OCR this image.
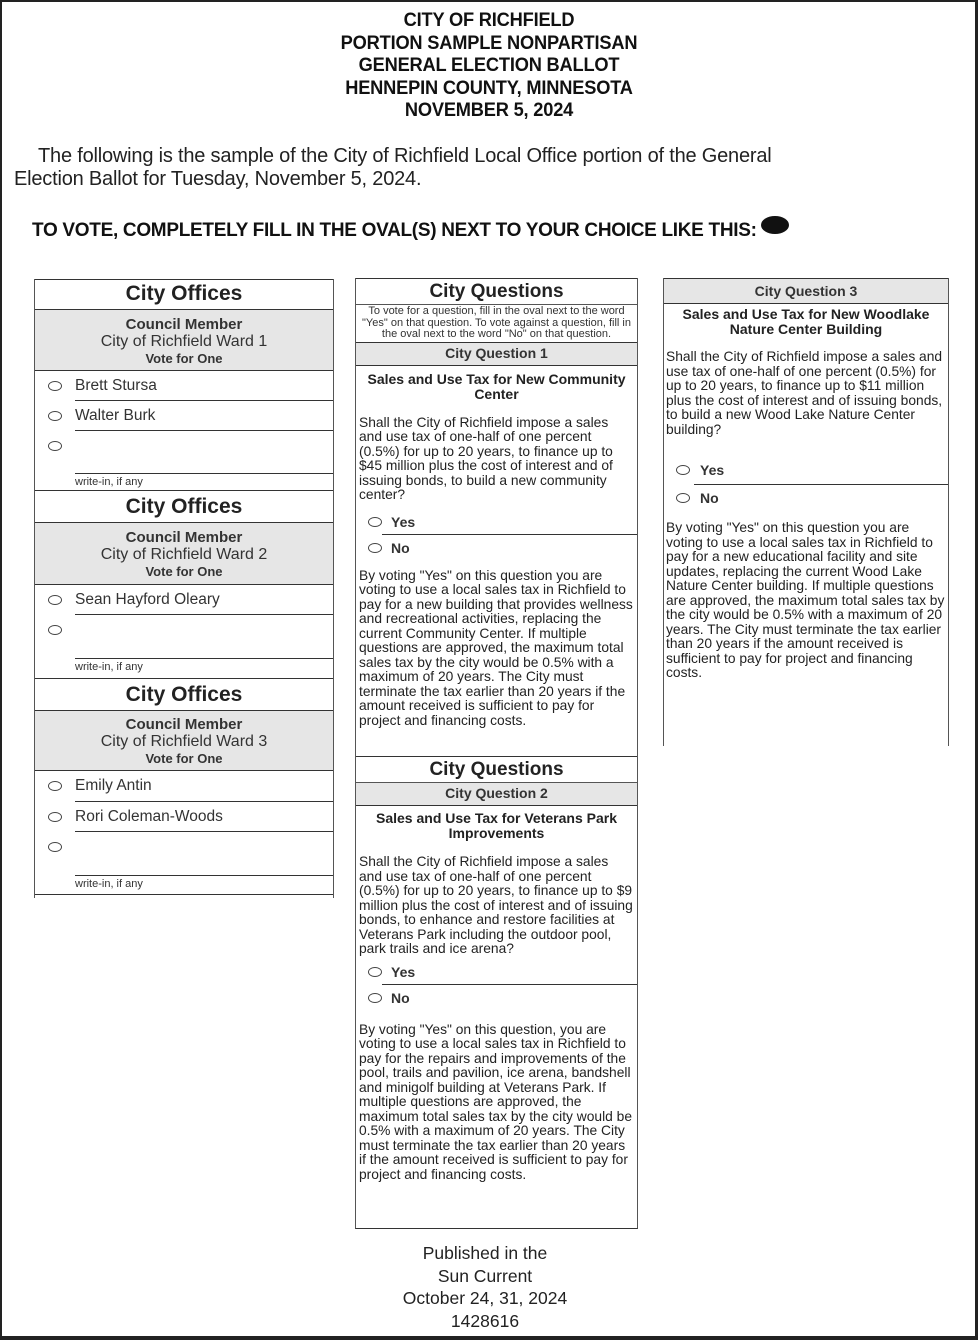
CITY OF RICHFIELD
PORTION SAMPLE NONPARTISAN
GENERAL ELECTION BALLOT
HENNEPIN COUNTY, MINNESOTA
NOVEMBER 5, 2024
The following is the sample of the City of Richfield Local Office portion of the General
Election Ballot for Tuesday, November 5, 2024.
TO VOTE, COMPLETELY FILL IN THE OVAL(S) NEXT TO YOUR CHOICE LIKE THIS:
City Offices
Council Member
City of Richfield Ward 1
Vote for One
Brett Stursa
Walter Burk
write-in, if any
City Offices
Council Member
City of Richfield Ward 2
Vote for One
Sean Hayford Oleary
write-in, if any
City Offices
Council Member
City of Richfield Ward 3
Vote for One
Emily Antin
Rori Coleman-Woods
write-in, if any
City Questions
To vote for a question, fill in the oval next to the word "Yes" on that question. To vote against a question, fill in the oval next to the word "No" on that question.
City Question 1
Sales and Use Tax for New Community Center
Shall the City of Richfield impose a sales and use tax of one-half of one percent (0.5%) for up to 20 years, to finance up to $45 million plus the cost of interest and of issuing bonds, to build a new community center?
Yes
No
By voting "Yes" on this question you are voting to use a local sales tax in Richfield to pay for a new building that provides wellness and recreational activities, replacing the current Community Center. If multiple questions are approved, the maximum total sales tax by the city would be 0.5% with a maximum of 20 years. The City must terminate the tax earlier than 20 years if the amount received is sufficient to pay for project and financing costs.
City Questions
City Question 2
Sales and Use Tax for Veterans Park Improvements
Shall the City of Richfield impose a sales and use tax of one-half of one percent (0.5%) for up to 20 years, to finance up to $9 million plus the cost of interest and of issuing bonds, to enhance and restore facilities at Veterans Park including the outdoor pool, park trails and ice arena?
Yes
No
By voting "Yes" on this question, you are voting to use a local sales tax in Richfield to pay for the repairs and improvements of the pool, trails and pavilion, ice arena, bandshell and minigolf building at Veterans Park. If multiple questions are approved, the maximum total sales tax by the city would be 0.5% with a maximum of 20 years. The City must terminate the tax earlier than 20 years if the amount received is sufficient to pay for project and financing costs.
City Question 3
Sales and Use Tax for New Woodlake Nature Center Building
Shall the City of Richfield impose a sales and use tax of one-half of one percent (0.5%) for up to 20 years, to finance up to $11 million plus the cost of interest and of issuing bonds, to build a new Wood Lake Nature Center building?
Yes
No
By voting "Yes" on this question you are voting to use a local sales tax in Richfield to pay for a new educational facility and site updates, replacing the current Wood Lake Nature Center building. If multiple questions are approved, the maximum total sales tax by the city would be 0.5% with a maximum of 20 years. The City must terminate the tax earlier than 20 years if the amount received is sufficient to pay for project and financing costs.
Published in the
Sun Current
October 24, 31, 2024
1428616
